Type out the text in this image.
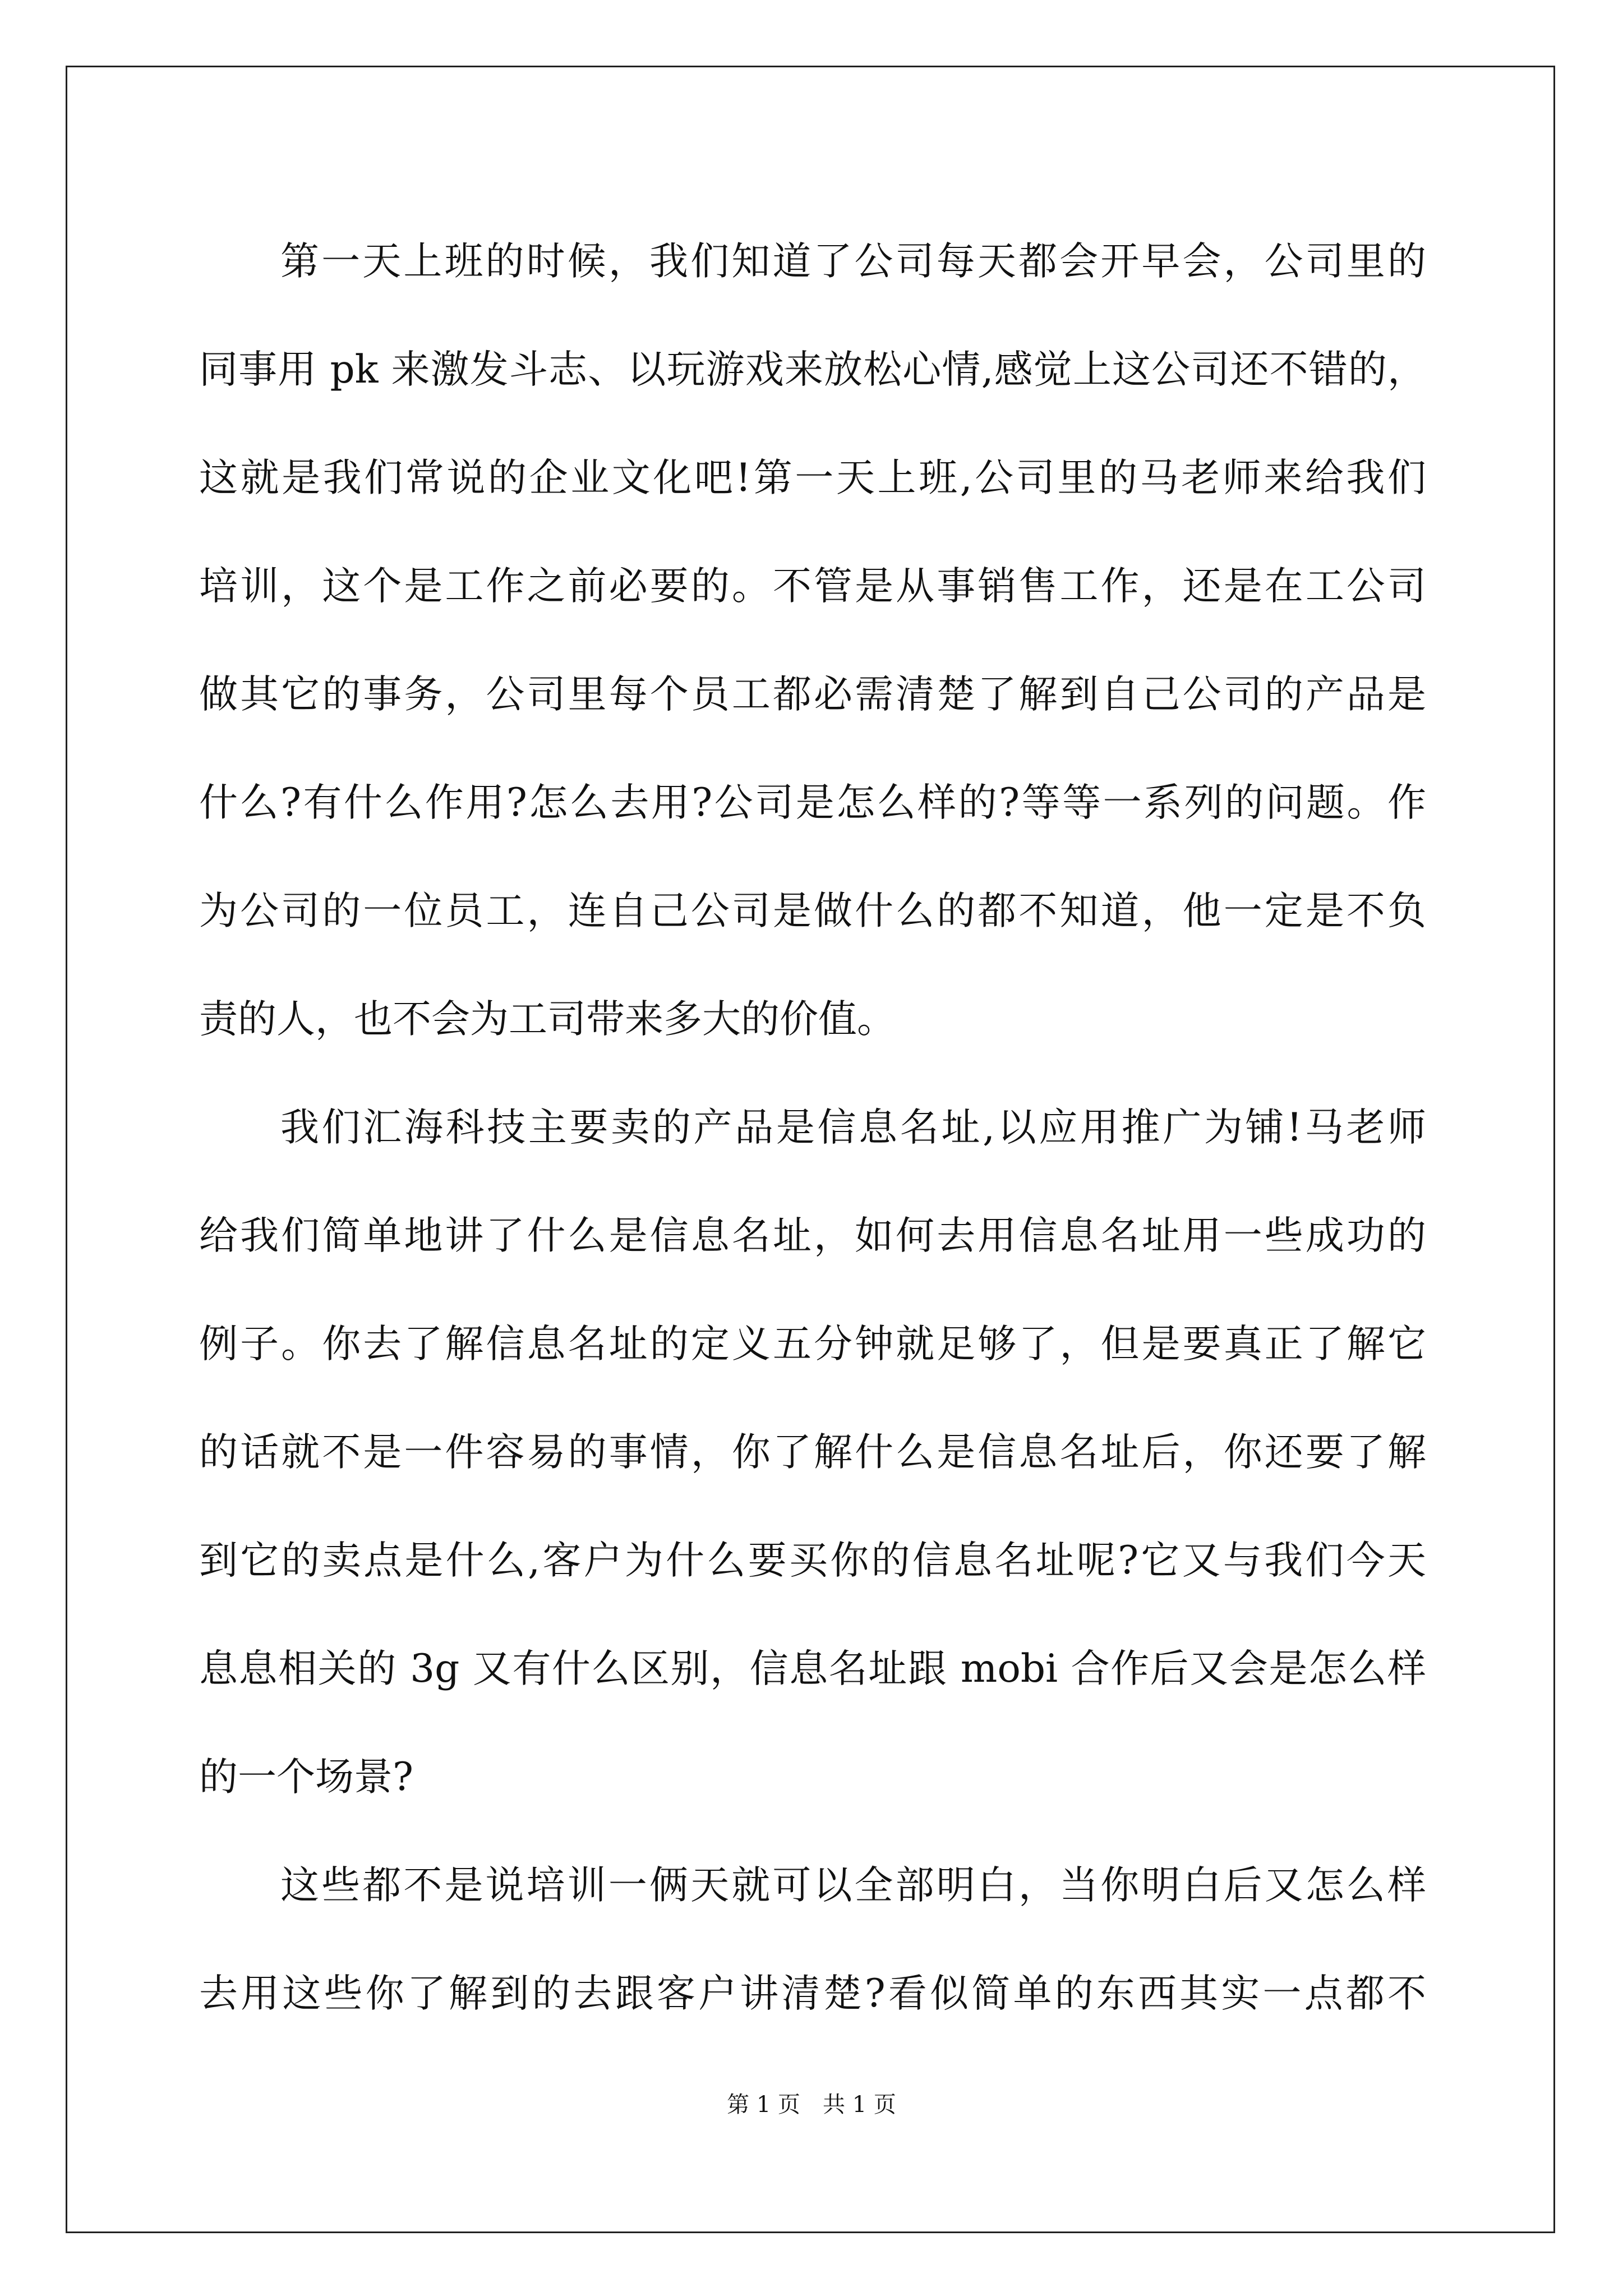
第一天上班的时候，我们知道了公司每天都会开早会，公司里的
同事用 pk 来激发斗志、以玩游戏来放松心情,感觉上这公司还不错的，
这就是我们常说的企业文化吧!第一天上班,公司里的马老师来给我们
培训，这个是工作之前必要的。不管是从事销售工作，还是在工公司
做其它的事务，公司里每个员工都必需清楚了解到自己公司的产品是
什么?有什么作用?怎么去用?公司是怎么样的?等等一系列的问题。作
为公司的一位员工，连自己公司是做什么的都不知道，他一定是不负
责的人，也不会为工司带来多大的价值。
我们汇海科技主要卖的产品是信息名址,以应用推广为铺!马老师
给我们简单地讲了什么是信息名址，如何去用信息名址用一些成功的
例子。你去了解信息名址的定义五分钟就足够了，但是要真正了解它
的话就不是一件容易的事情，你了解什么是信息名址后，你还要了解
到它的卖点是什么,客户为什么要买你的信息名址呢?它又与我们今天
息息相关的 3g 又有什么区别，信息名址跟 mobi 合作后又会是怎么样
的一个场景?
这些都不是说培训一俩天就可以全部明白，当你明白后又怎么样
去用这些你了解到的去跟客户讲清楚?看似简单的东西其实一点都不
第 1 页 共 1 页
